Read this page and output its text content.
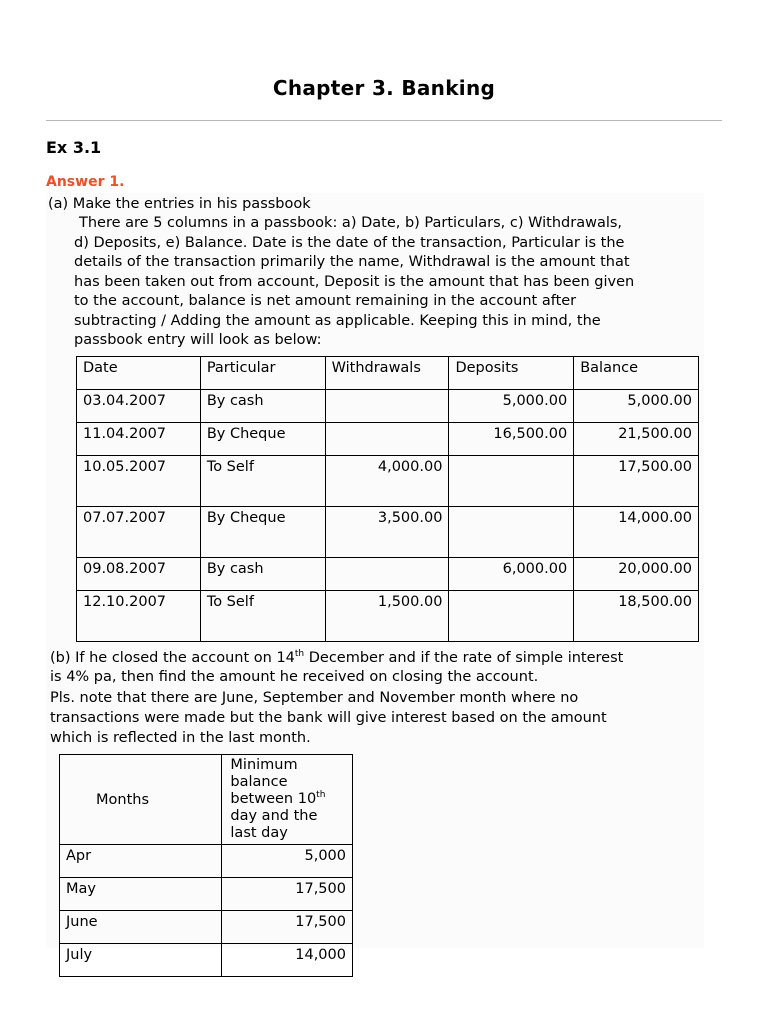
Chapter 3. Banking
Ex 3.1
Answer 1.
(a) Make the entries in his passbook
There are 5 columns in a passbook: a) Date, b) Particulars, c) Withdrawals,
d) Deposits, e) Balance. Date is the date of the transaction, Particular is the
details of the transaction primarily the name, Withdrawal is the amount that
has been taken out from account, Deposit is the amount that has been given
to the account, balance is net amount remaining in the account after
subtracting / Adding the amount as applicable. Keeping this in mind, the
passbook entry will look as below:
Date	Particular	Withdrawals	Deposits	Balance
03.04.2007	By cash		5,000.00	5,000.00
11.04.2007	By Cheque		16,500.00	21,500.00
10.05.2007	To Self	4,000.00		17,500.00
07.07.2007	By Cheque	3,500.00		14,000.00
09.08.2007	By cash		6,000.00	20,000.00
12.10.2007	To Self	1,500.00		18,500.00
(b) If he closed the account on 14th December and if the rate of simple interest
is 4% pa, then find the amount he received on closing the account.
Pls. note that there are June, September and November month where no
transactions were made but the bank will give interest based on the amount
which is reflected in the last month.
Months	Minimum balance between 10th day and the last day
Apr	5,000
May	17,500
June	17,500
July	14,000
